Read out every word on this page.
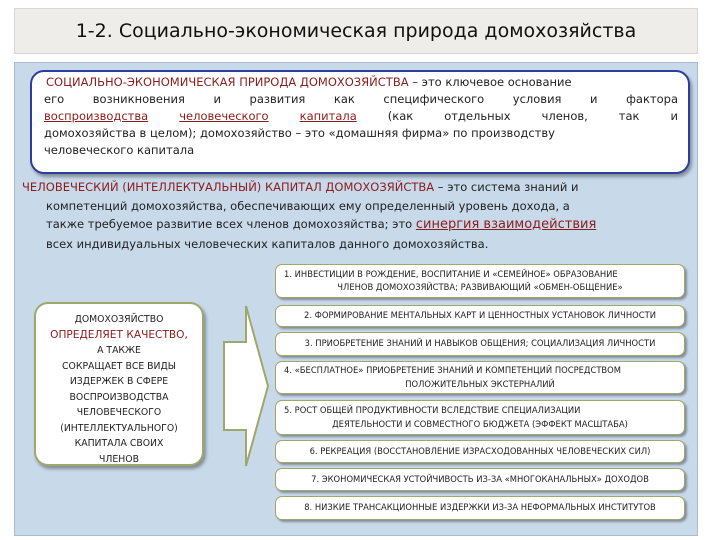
1-2. Социально-экономическая природа домохозяйства
СОЦИАЛЬНО-ЭКОНОМИЧЕСКАЯ ПРИРОДА ДОМОХОЗЯЙСТВА – это ключевое основание
его возникновения и развития как специфического условия и фактора
воспроизводства	человеческого	капитала (как отдельных членов, так и
домохозяйства в целом); домохозяйство – это «домашняя фирма» по производству
человеческого капитала
ЧЕЛОВЕЧЕСКИЙ (ИНТЕЛЛЕКТУАЛЬНЫЙ) КАПИТАЛ ДОМОХОЗЯЙСТВА – это система знаний и
компетенций домохозяйства, обеспечивающих ему определенный уровень дохода, а
также требуемое развитие всех членов домохозяйства; это синергия взаимодействия
всех индивидуальных человеческих капиталов данного домохозяйства.
ДОМОХОЗЯЙСТВО
ОПРЕДЕЛЯЕТ КАЧЕСТВО,
А ТАКЖЕ
СОКРАЩАЕТ ВСЕ ВИДЫ
ИЗДЕРЖЕК В СФЕРЕ
ВОСПРОИЗВОДСТВА
ЧЕЛОВЕЧЕСКОГО
(ИНТЕЛЛЕКТУАЛЬНОГО)
КАПИТАЛА СВОИХ
ЧЛЕНОВ
1. ИНВЕСТИЦИИ В РОЖДЕНИЕ, ВОСПИТАНИЕ И «СЕМЕЙНОЕ» ОБРАЗОВАНИЕ
ЧЛЕНОВ ДОМОХОЗЯЙСТВА; РАЗВИВАЮЩИЙ «ОБМЕН-ОБЩЕНИЕ»
2. ФОРМИРОВАНИЕ МЕНТАЛЬНЫХ КАРТ И ЦЕННОСТНЫХ УСТАНОВОК ЛИЧНОСТИ
3. ПРИОБРЕТЕНИЕ ЗНАНИЙ И НАВЫКОВ ОБЩЕНИЯ; СОЦИАЛИЗАЦИЯ ЛИЧНОСТИ
4. «БЕСПЛАТНОЕ» ПРИОБРЕТЕНИЕ ЗНАНИЙ И КОМПЕТЕНЦИЙ ПОСРЕДСТВОМ
ПОЛОЖИТЕЛЬНЫХ ЭКСТЕРНАЛИЙ
5. РОСТ ОБЩЕЙ ПРОДУКТИВНОСТИ ВСЛЕДСТВИЕ СПЕЦИАЛИЗАЦИИ
ДЕЯТЕЛЬНОСТИ И СОВМЕСТНОГО БЮДЖЕТА (ЭФФЕКТ МАСШТАБА)
6. РЕКРЕАЦИЯ (ВОССТАНОВЛЕНИЕ ИЗРАСХОДОВАННЫХ ЧЕЛОВЕЧЕСКИХ СИЛ)
7. ЭКОНОМИЧЕСКАЯ УСТОЙЧИВОСТЬ ИЗ-ЗА «МНОГОКАНАЛЬНЫХ» ДОХОДОВ
8. НИЗКИЕ ТРАНСАКЦИОННЫЕ ИЗДЕРЖКИ ИЗ-ЗА НЕФОРМАЛЬНЫХ ИНСТИТУТОВ
